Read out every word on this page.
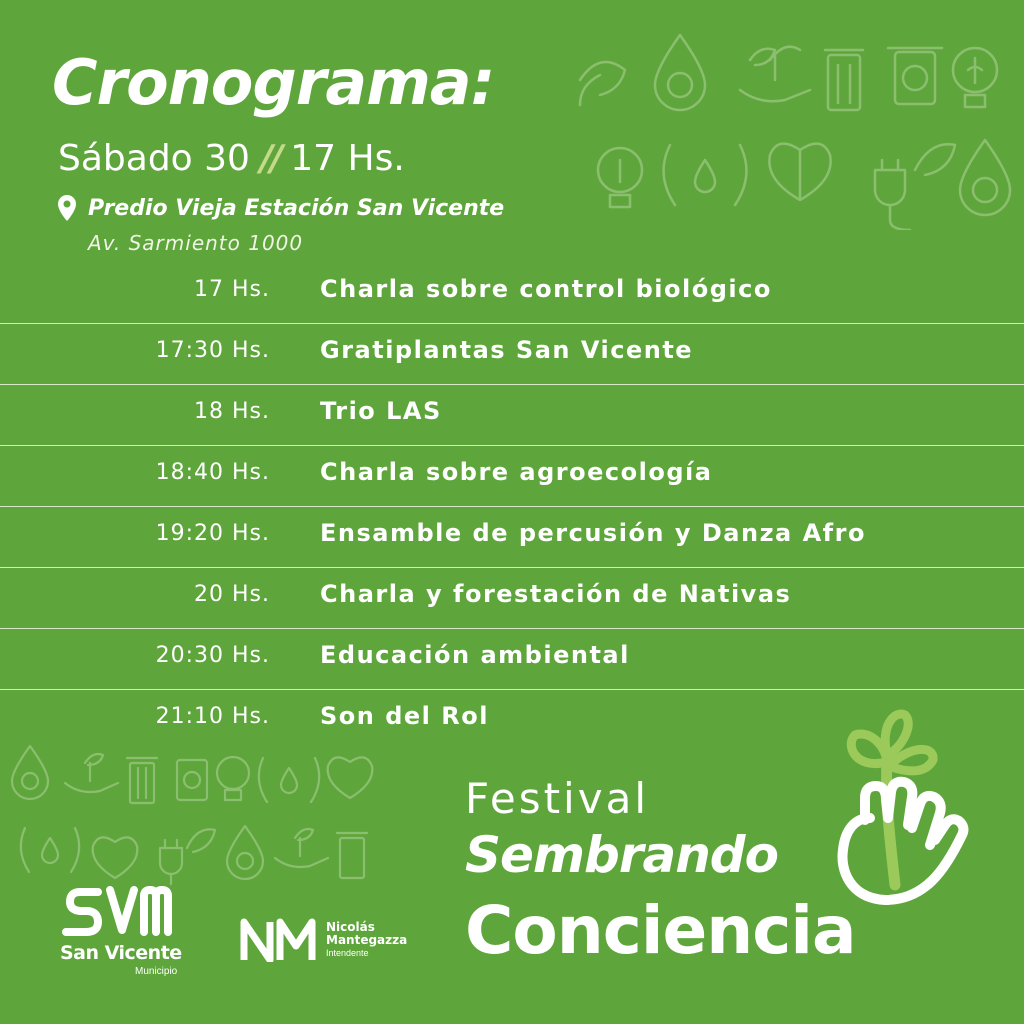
Cronograma:
Sábado 30 // 17 Hs.
Predio Vieja Estación San Vicente
Av. Sarmiento 1000
17 Hs. Charla sobre control biológico
17:30 Hs. Gratiplantas San Vicente
18 Hs. Trio LAS
18:40 Hs. Charla sobre agroecología
19:20 Hs. Ensamble de percusión y Danza Afro
20 Hs. Charla y forestación de Nativas
20:30 Hs. Educación ambiental
21:10 Hs. Son del Rol
Festival
Sembrando
Conciencia
San Vicente
Municipio
Nicolás
Mantegazza
Intendente
